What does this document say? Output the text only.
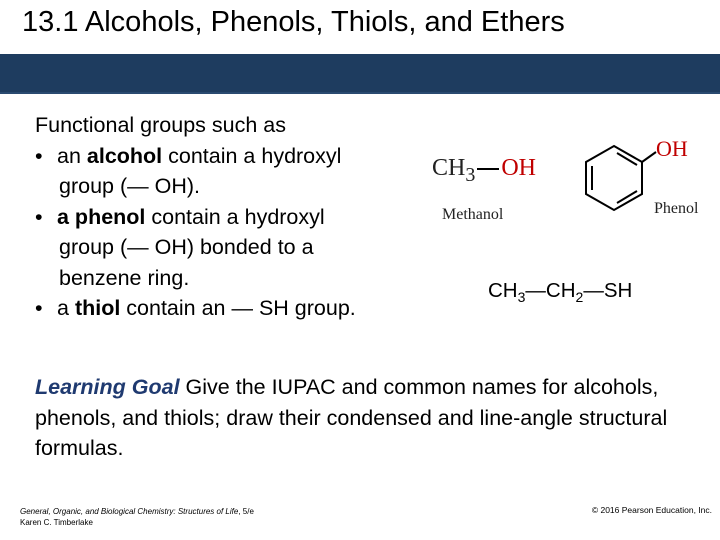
13.1 Alcohols, Phenols, Thiols, and Ethers
Functional groups such as
• an alcohol contain a hydroxyl
group (— OH).
• a phenol contain a hydroxyl
group (— OH) bonded to a
benzene ring.
• a thiol contain an — SH group.
$CH_3$ OH
Methanol
OH
Phenol
$CH_3—CH_2—SH$
Learning Goal Give the IUPAC and common names for alcohols, phenols, and thiols; draw their condensed and line-angle structural formulas.
General, Organic, and Biological Chemistry: Structures of Life, 5/e
Karen C. Timberlake
© 2016 Pearson Education, Inc.
